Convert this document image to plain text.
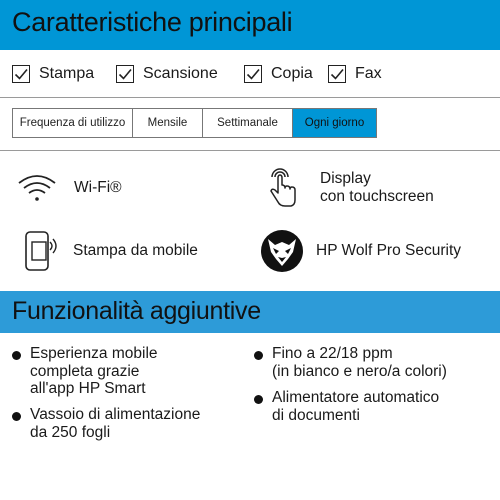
Caratteristiche principali
Stampa	Scansione	Copia	Fax
Frequenza di utilizzo	Mensile	Settimanale	Ogni giorno
Wi-Fi®
Display
con touchscreen
Stampa da mobile	HP Wolf Pro Security
Funzionalità aggiuntive
Esperienza mobile
completa grazie
all'app HP Smart
Vassoio di alimentazione
da 250 fogli
Fino a 22/18 ppm
(in bianco e nero/a colori)
Alimentatore automatico
di documenti
